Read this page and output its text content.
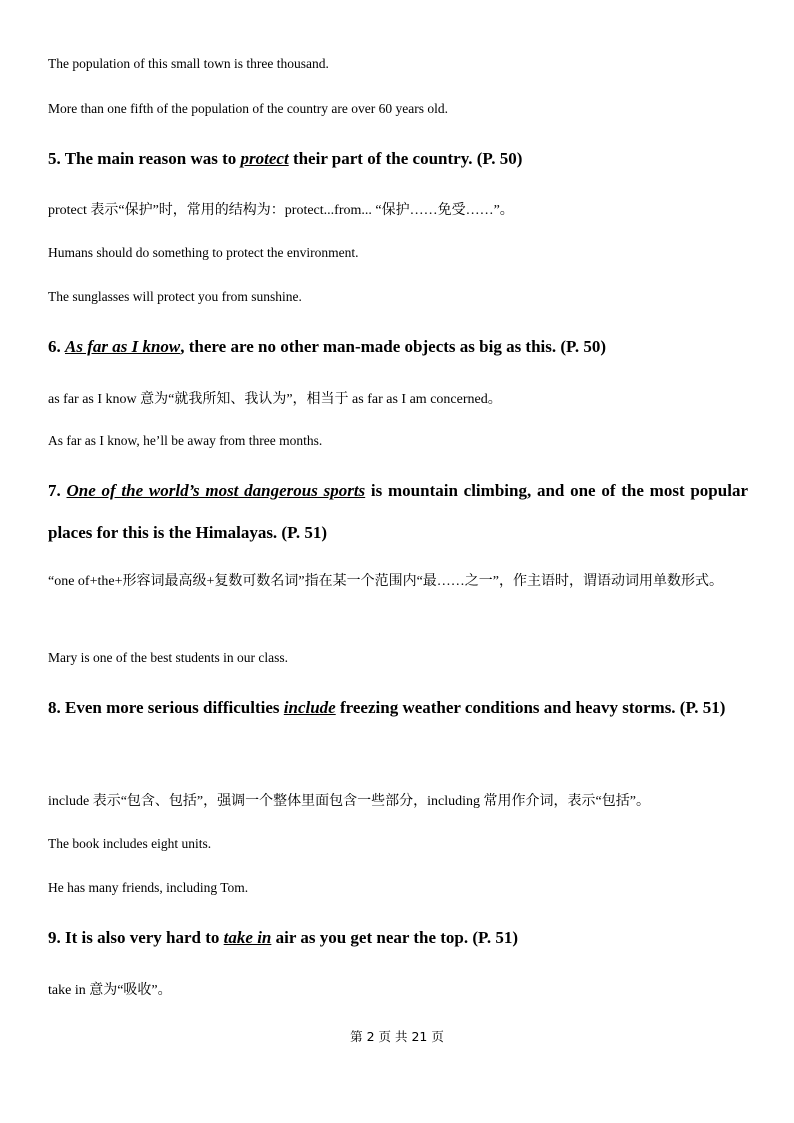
The population of this small town is three thousand.
More than one fifth of the population of the country are over 60 years old.
5. The main reason was to protect their part of the country. (P. 50)
protect 表示“保护”时，常用的结构为：protect...from... “保护……免受……”。
Humans should do something to protect the environment.
The sunglasses will protect you from sunshine.
6. As far as I know, there are no other man-made objects as big as this. (P. 50)
as far as I know 意为“就我所知、我认为”，相当于 as far as I am concerned。
As far as I know, he’ll be away from three months.
7. One of the world’s most dangerous sports is mountain climbing, and one of the most popular places for this is the Himalayas. (P. 51)
“one of+the+形容词最高级+复数可数名词”指在某一个范围内“最……之一”，作主语时，谓语动词用单数形式。
Mary is one of the best students in our class.
8. Even more serious difficulties include freezing weather conditions and heavy storms. (P. 51)
include 表示“包含、包括”，强调一个整体里面包含一些部分，including 常用作介词，表示“包括”。
The book includes eight units.
He has many friends, including Tom.
9. It is also very hard to take in air as you get near the top. (P. 51)
take in 意为“吸收”。
第 2 页 共 21 页
